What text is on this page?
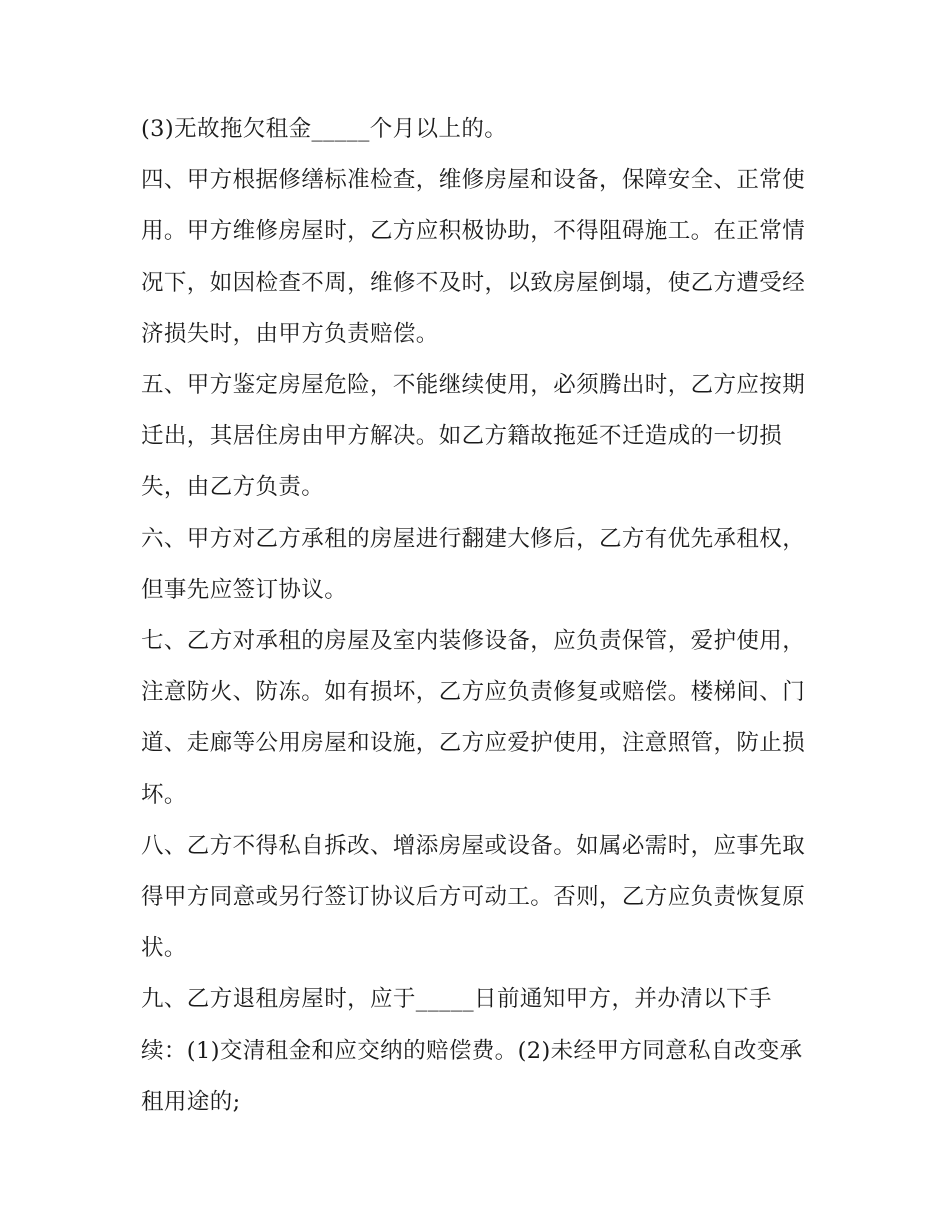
(3)无故拖欠租金_____个月以上的。

四、甲方根据修缮标准检查，维修房屋和设备，保障安全、正常使用。甲方维修房屋时，乙方应积极协助，不得阻碍施工。在正常情况下，如因检查不周，维修不及时，以致房屋倒塌，使乙方遭受经济损失时，由甲方负责赔偿。

五、甲方鉴定房屋危险，不能继续使用，必须腾出时，乙方应按期迁出，其居住房由甲方解决。如乙方籍故拖延不迁造成的一切损失，由乙方负责。

六、甲方对乙方承租的房屋进行翻建大修后，乙方有优先承租权，但事先应签订协议。

七、乙方对承租的房屋及室内装修设备，应负责保管，爱护使用，注意防火、防冻。如有损坏，乙方应负责修复或赔偿。楼梯间、门道、走廊等公用房屋和设施，乙方应爱护使用，注意照管，防止损坏。

八、乙方不得私自拆改、增添房屋或设备。如属必需时，应事先取得甲方同意或另行签订协议后方可动工。否则，乙方应负责恢复原状。

九、乙方退租房屋时，应于_____日前通知甲方，并办清以下手续：(1)交清租金和应交纳的赔偿费。(2)未经甲方同意私自改变承租用途的;
